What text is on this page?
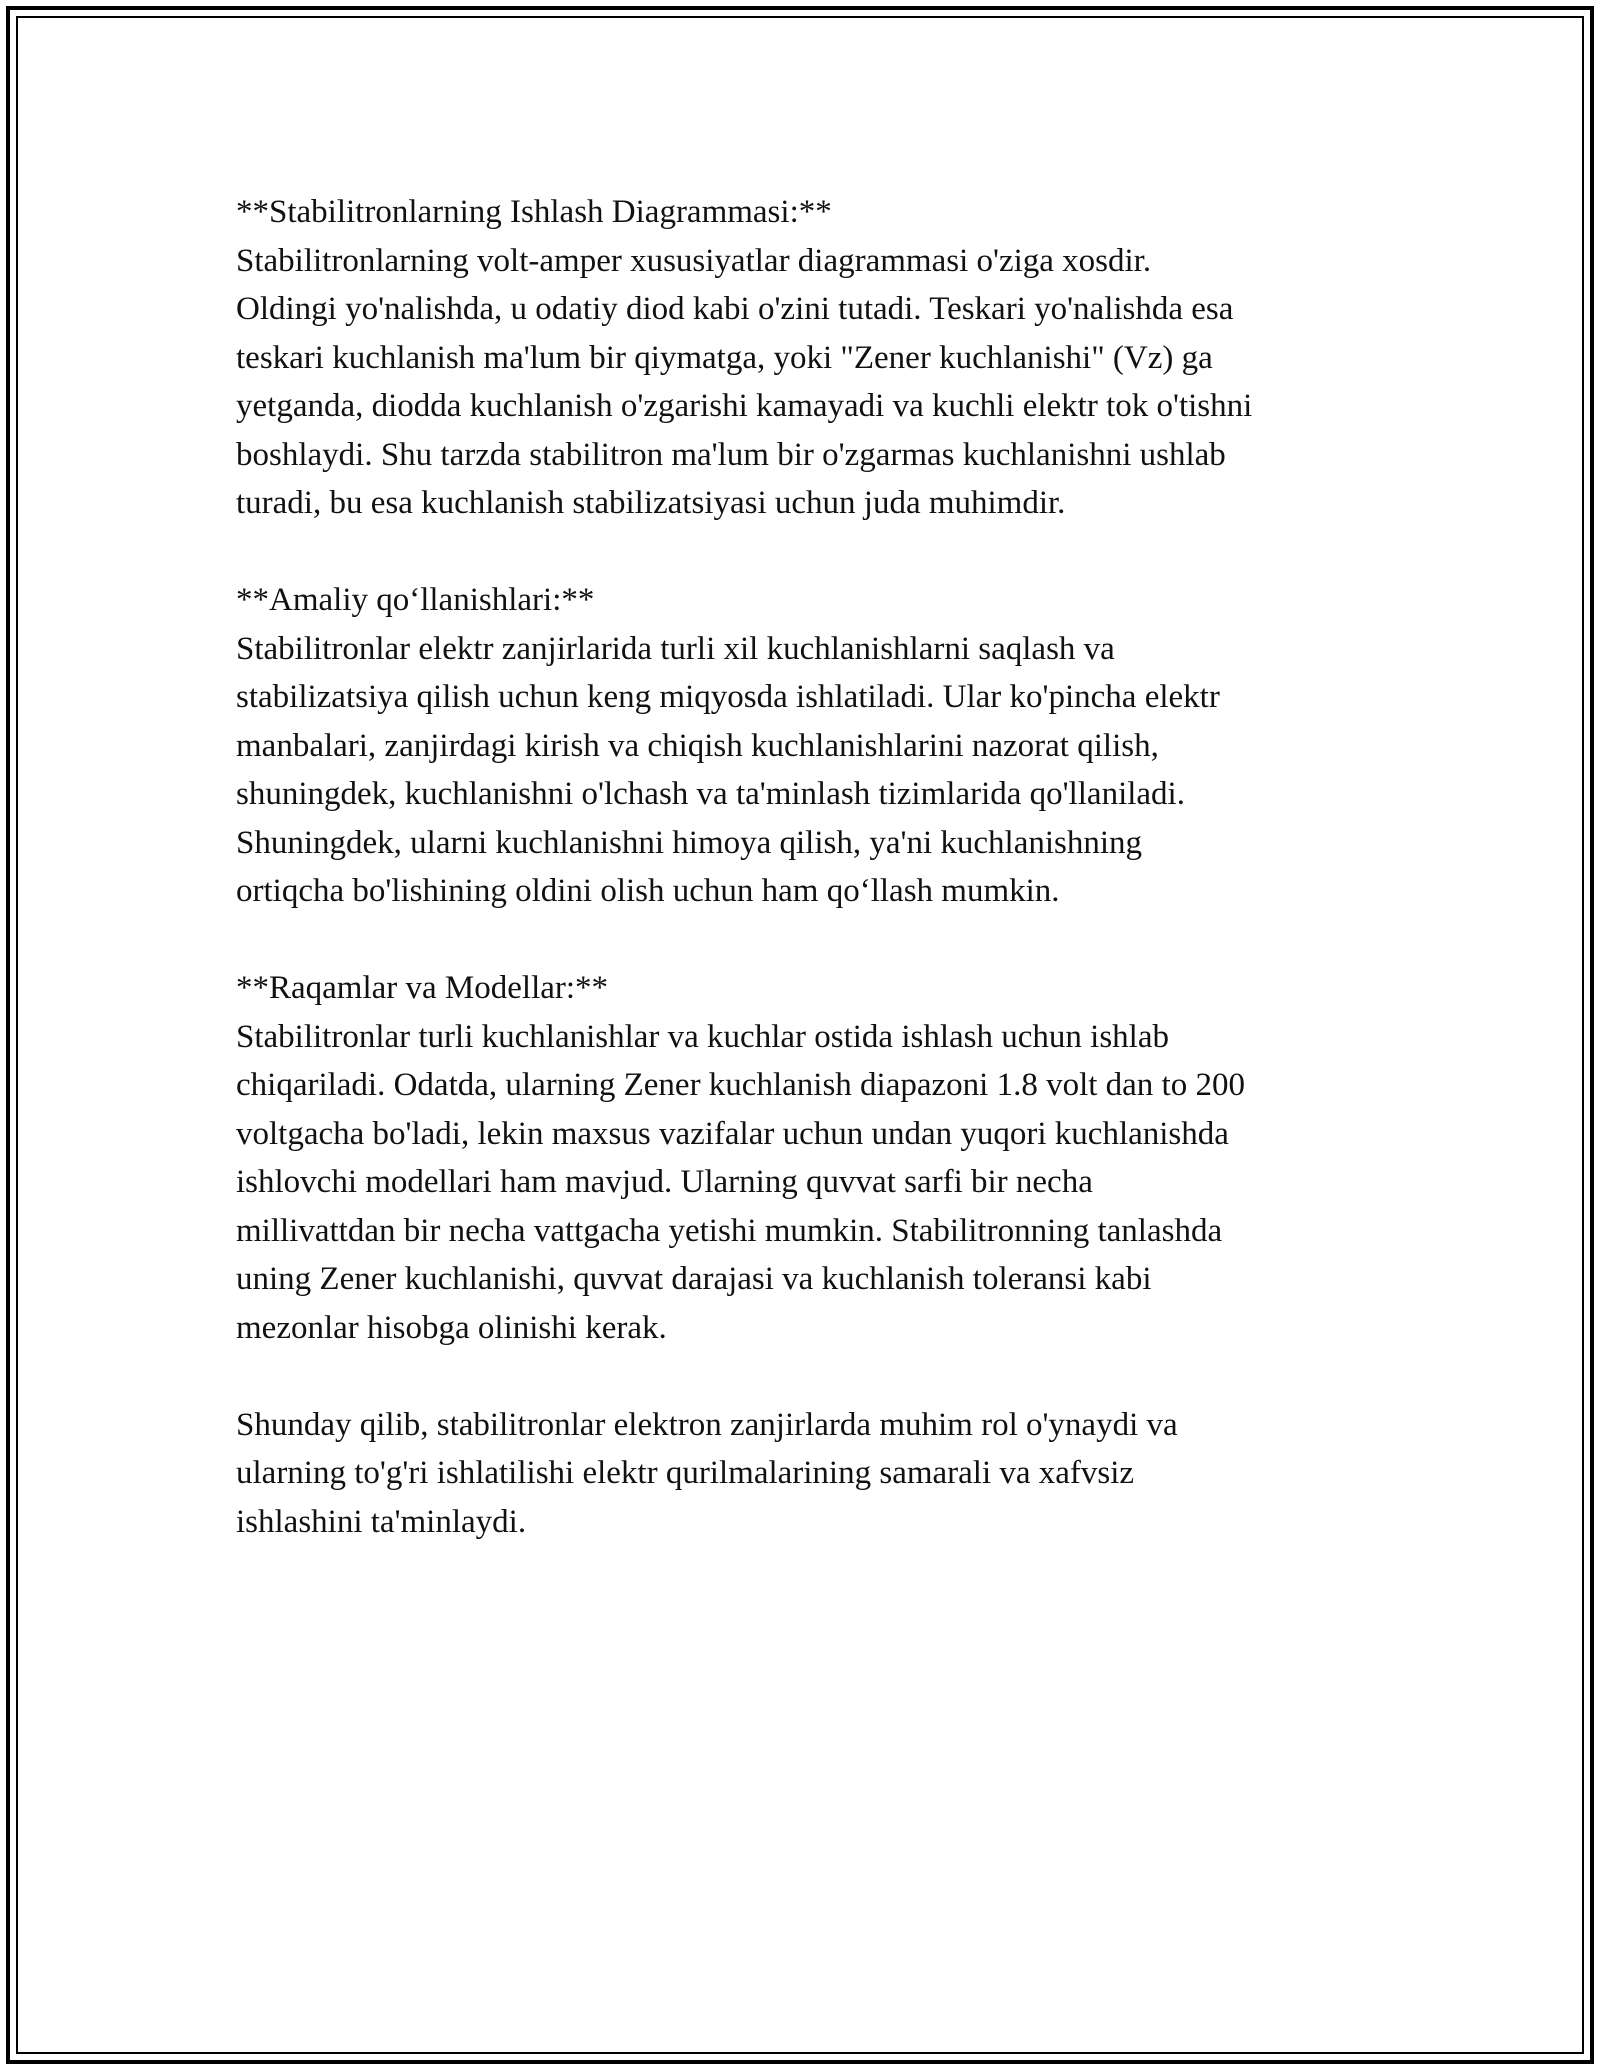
**Stabilitronlarning Ishlash Diagrammasi:**

Stabilitronlarning volt-amper xususiyatlar diagrammasi o'ziga xosdir.
Oldingi yo'nalishda, u odatiy diod kabi o'zini tutadi. Teskari yo'nalishda esa
teskari kuchlanish ma'lum bir qiymatga, yoki "Zener kuchlanishi" (Vz) ga
yetganda, diodda kuchlanish o'zgarishi kamayadi va kuchli elektr tok o'tishni
boshlaydi. Shu tarzda stabilitron ma'lum bir o'zgarmas kuchlanishni ushlab
turadi, bu esa kuchlanish stabilizatsiyasi uchun juda muhimdir.

**Amaliy qo‘llanishlari:**

Stabilitronlar elektr zanjirlarida turli xil kuchlanishlarni saqlash va
stabilizatsiya qilish uchun keng miqyosda ishlatiladi. Ular ko'pincha elektr
manbalari, zanjirdagi kirish va chiqish kuchlanishlarini nazorat qilish,
shuningdek, kuchlanishni o'lchash va ta'minlash tizimlarida qo'llaniladi.
Shuningdek, ularni kuchlanishni himoya qilish, ya'ni kuchlanishning
ortiqcha bo'lishining oldini olish uchun ham qo‘llash mumkin.

**Raqamlar va Modellar:**

Stabilitronlar turli kuchlanishlar va kuchlar ostida ishlash uchun ishlab
chiqariladi. Odatda, ularning Zener kuchlanish diapazoni 1.8 volt dan to 200
voltgacha bo'ladi, lekin maxsus vazifalar uchun undan yuqori kuchlanishda
ishlovchi modellari ham mavjud. Ularning quvvat sarfi bir necha
millivattdan bir necha vattgacha yetishi mumkin. Stabilitronning tanlashda
uning Zener kuchlanishi, quvvat darajasi va kuchlanish toleransi kabi
mezonlar hisobga olinishi kerak.

Shunday qilib, stabilitronlar elektron zanjirlarda muhim rol o'ynaydi va
ularning to'g'ri ishlatilishi elektr qurilmalarining samarali va xafvsiz
ishlashini ta'minlaydi.
